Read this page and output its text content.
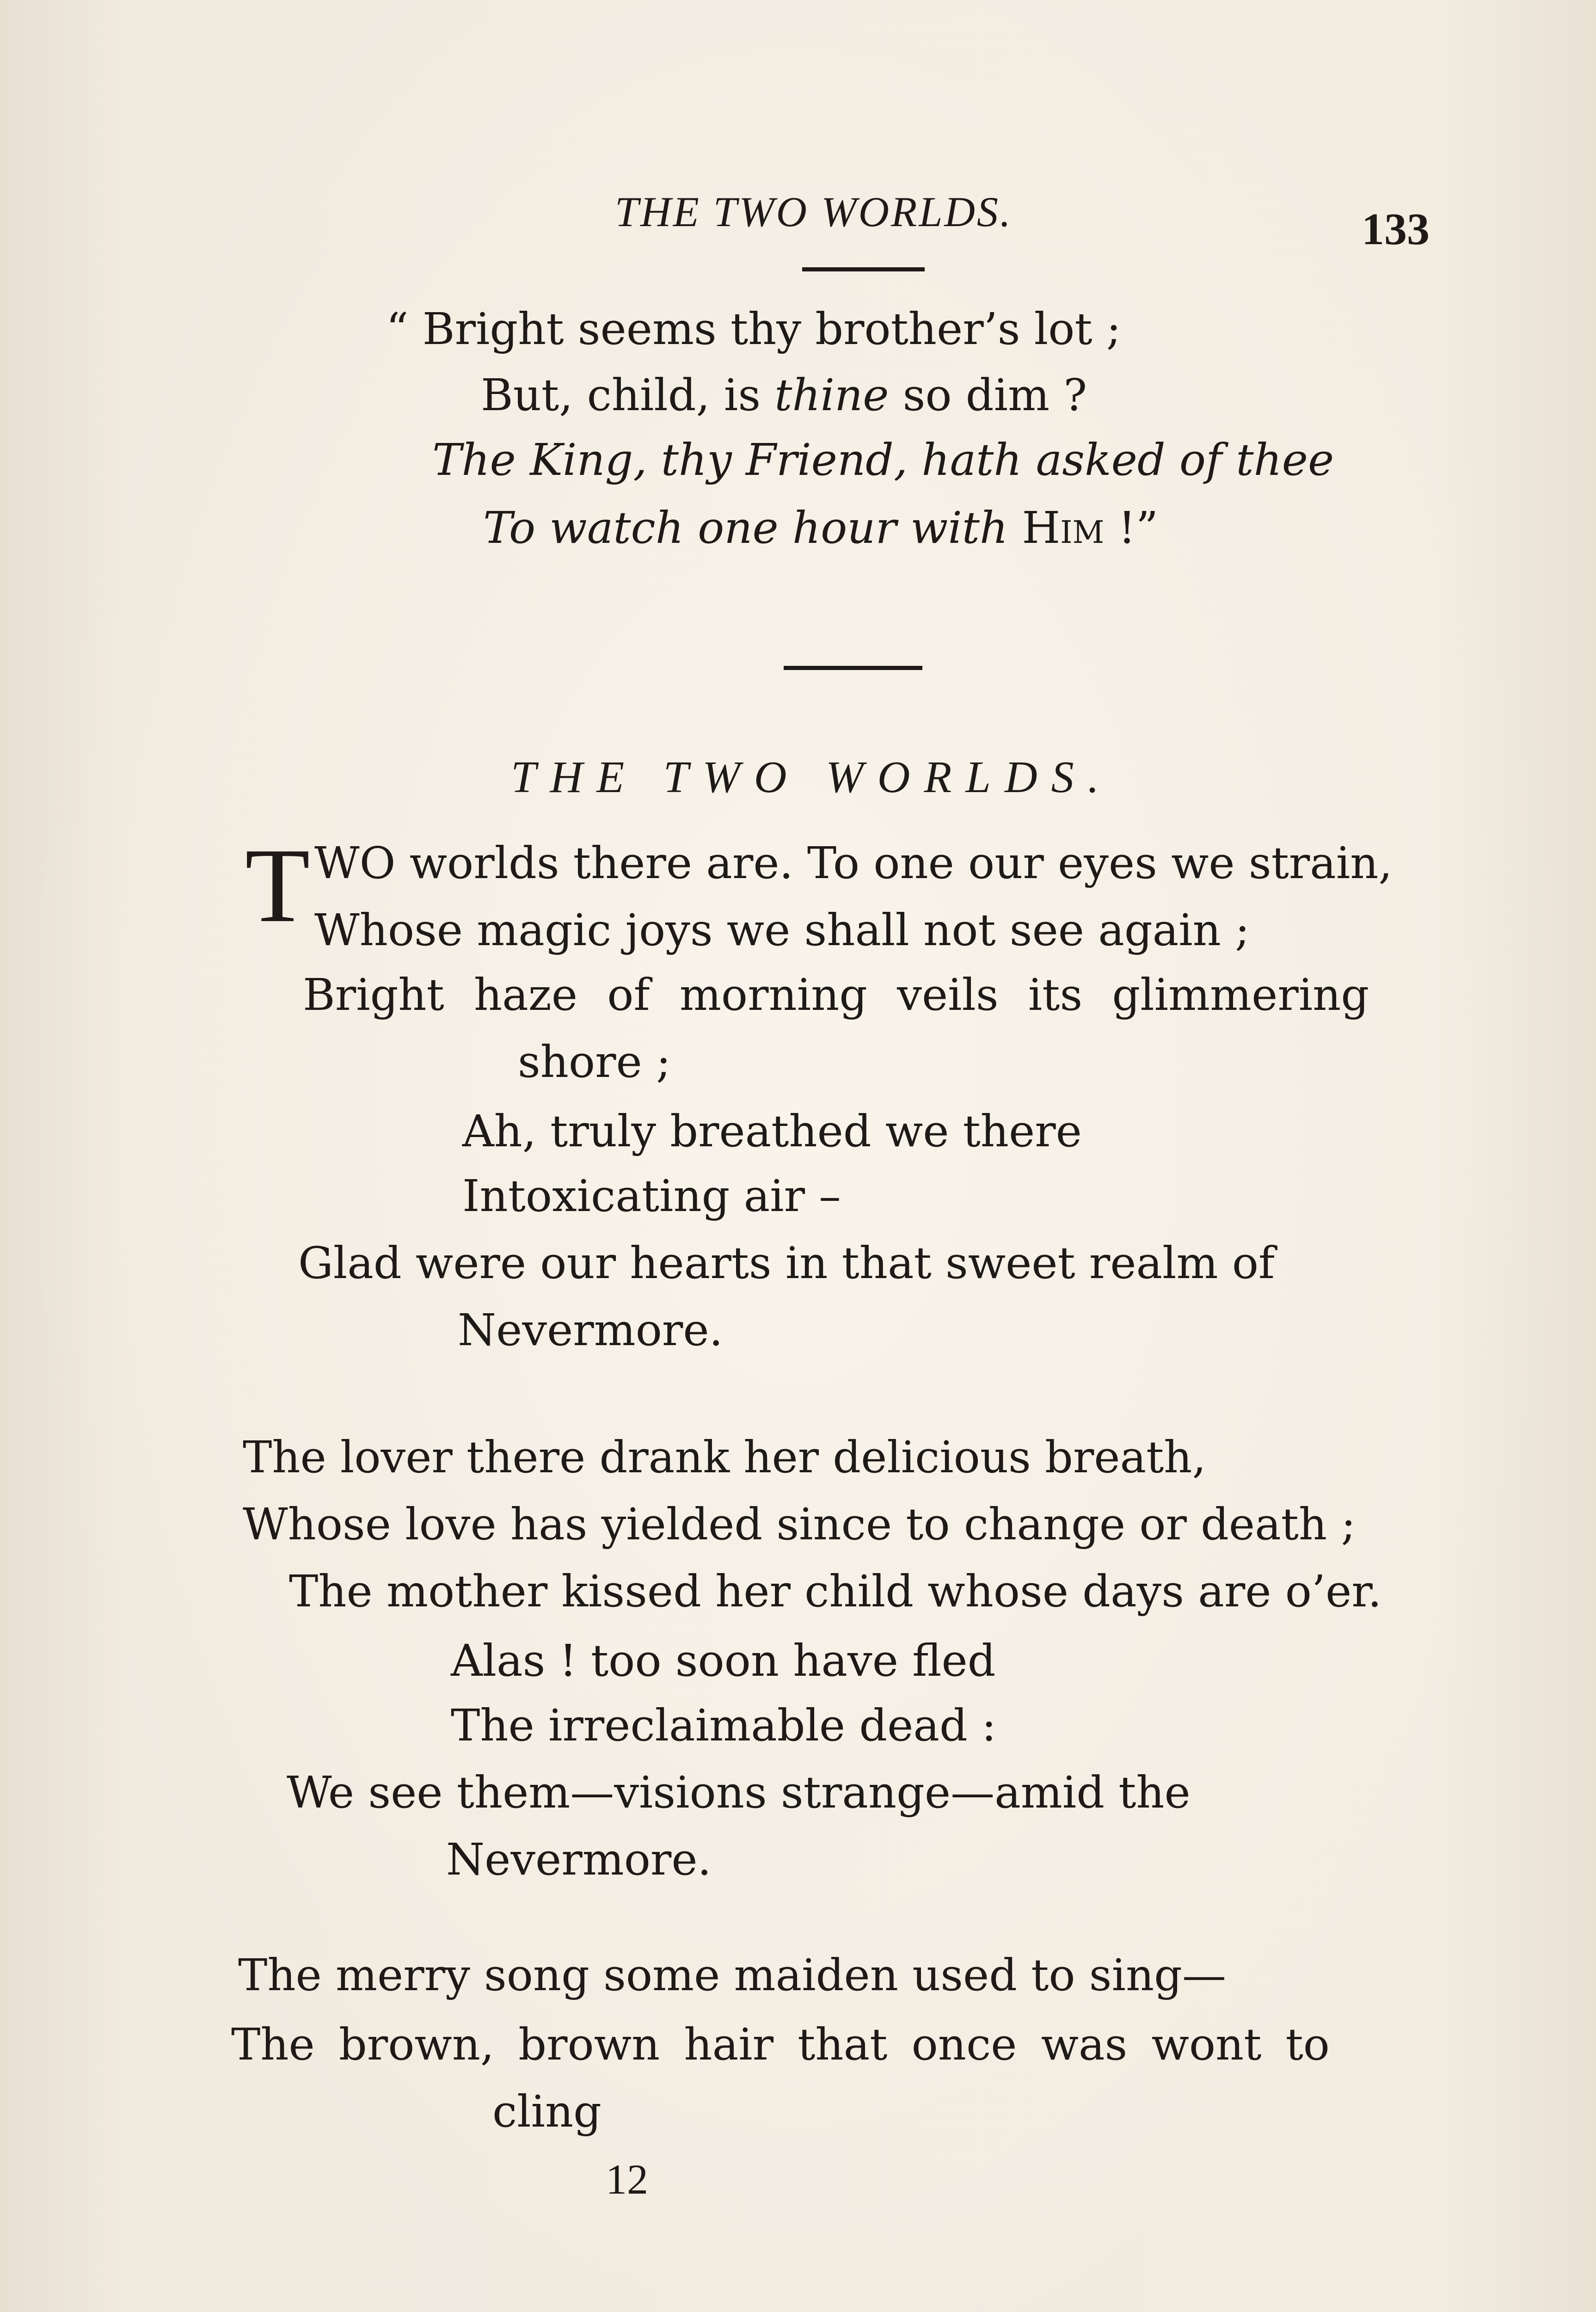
THE TWO WORLDS.	133
“ Bright seems thy brother’s lot ;
But, child, is thine so dim ?
The King, thy Friend, hath asked of thee
To watch one hour with Him !”
THE TWO WORLDS.
T WO worlds there are. To one our eyes we strain,
Whose magic joys we shall not see again ;
Bright haze of morning veils its glimmering
shore ;
Ah, truly breathed we there
Intoxicating air –
Glad were our hearts in that sweet realm of
Nevermore.
The lover there drank her delicious breath,
Whose love has yielded since to change or death ;
The mother kissed her child whose days are o’er.
Alas ! too soon have fled
The irreclaimable dead :
We see them—visions strange—amid the
Nevermore.
The merry song some maiden used to sing—
The brown, brown hair that once was wont to
cling
12
